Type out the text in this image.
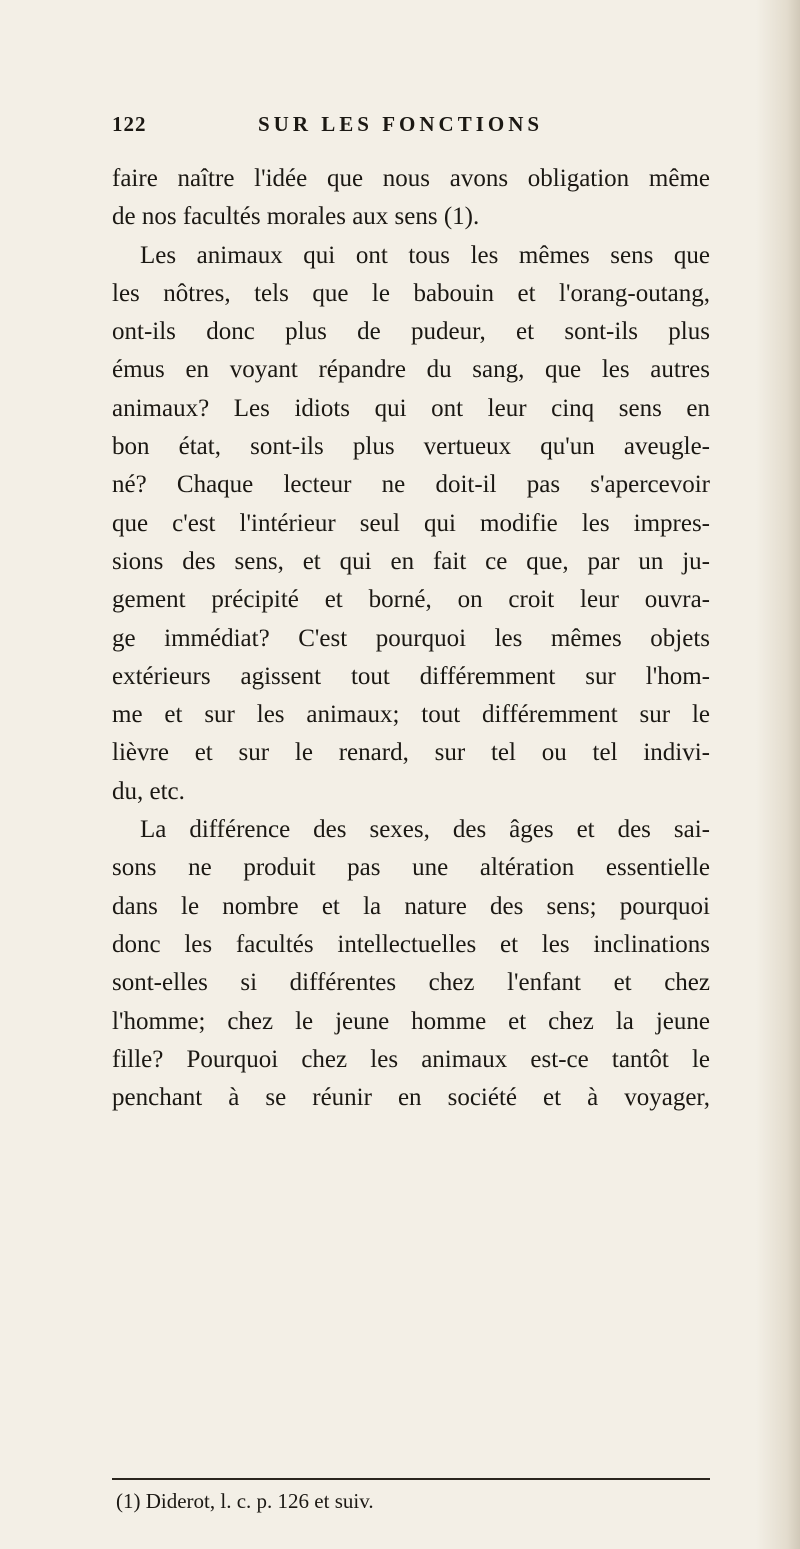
122	SUR LES FONCTIONS
faire naître l'idée que nous avons obligation même
de nos facultés morales aux sens (1).
Les animaux qui ont tous les mêmes sens que
les nôtres, tels que le babouin et l'orang-outang,
ont-ils donc plus de pudeur, et sont-ils plus
émus en voyant répandre du sang, que les autres
animaux? Les idiots qui ont leur cinq sens en
bon état, sont-ils plus vertueux qu'un aveugle-
né? Chaque lecteur ne doit-il pas s'apercevoir
que c'est l'intérieur seul qui modifie les impres-
sions des sens, et qui en fait ce que, par un ju-
gement précipité et borné, on croit leur ouvra-
ge immédiat? C'est pourquoi les mêmes objets
extérieurs agissent tout différemment sur l'hom-
me et sur les animaux; tout différemment sur le
lièvre et sur le renard, sur tel ou tel indivi-
du, etc.
La différence des sexes, des âges et des sai-
sons ne produit pas une altération essentielle
dans le nombre et la nature des sens; pourquoi
donc les facultés intellectuelles et les inclinations
sont-elles si différentes chez l'enfant et chez
l'homme; chez le jeune homme et chez la jeune
fille? Pourquoi chez les animaux est-ce tantôt le
penchant à se réunir en société et à voyager,
(1) Diderot, l. c. p. 126 et suiv.
